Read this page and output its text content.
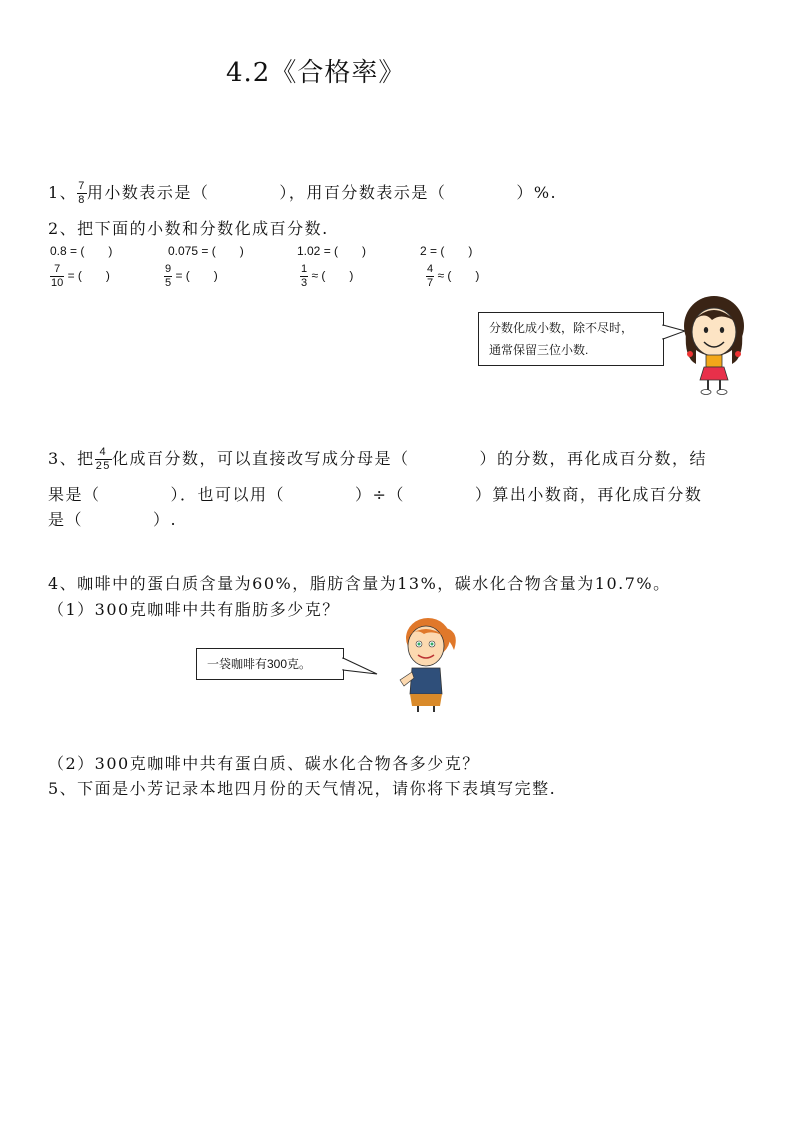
4.2《合格率》
1、 $\frac{7}{8}$ 用小数表示是（　　　　），用百分数表示是（　　　　）%.
2、把下面的小数和分数化成百分数.
0.8 = (　　)	0.075 = (　　)	1.02 = (　　)	2 = (　　)
$\frac{7}{10}$ = (　　)	$\frac{9}{5}$ = (　　)	$\frac{1}{3}$ ≈ (　　)	$\frac{4}{7}$ ≈ (　　)
分数化成小数，除不尽时，
通常保留三位小数.
3、把 $\frac{4}{25}$ 化成百分数，可以直接改写成分母是（　　　　）的分数，再化成百分数，结
果是（　　　　）．也可以用（　　　　）÷（　　　　）算出小数商，再化成百分数
是（　　　　）.
4、咖啡中的蛋白质含量为60%，脂肪含量为13%，碳水化合物含量为10.7%。
（1）300克咖啡中共有脂肪多少克？
一袋咖啡有300克。
（2）300克咖啡中共有蛋白质、碳水化合物各多少克？
5、下面是小芳记录本地四月份的天气情况，请你将下表填写完整.
